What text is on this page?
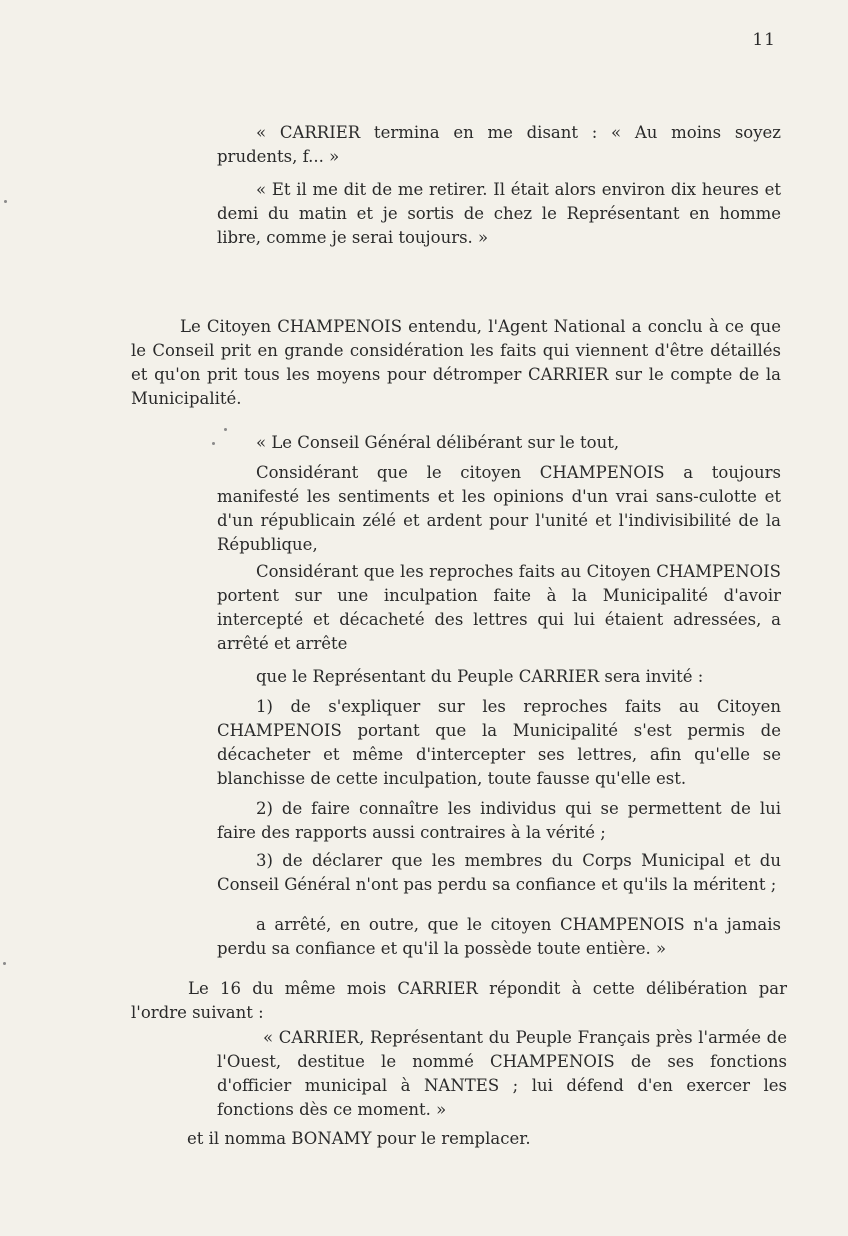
11

« CARRIER termina en me disant : « Au moins soyez prudents, f... »

« Et il me dit de me retirer. Il était alors environ dix heures et demi du matin et je sortis de chez le Représentant en homme libre, comme je serai toujours. »

Le Citoyen CHAMPENOIS entendu, l'Agent National a conclu à ce que le Conseil prit en grande considération les faits qui viennent d'être détaillés et qu'on prit tous les moyens pour détromper CARRIER sur le compte de la Municipalité.

« Le Conseil Général délibérant sur le tout,

Considérant que le citoyen CHAMPENOIS a toujours manifesté les sentiments et les opinions d'un vrai sans-culotte et d'un républicain zélé et ardent pour l'unité et l'indivisibilité de la République,

Considérant que les reproches faits au Citoyen CHAMPENOIS portent sur une inculpation faite à la Municipalité d'avoir intercepté et décacheté des lettres qui lui étaient adressées, a arrêté et arrête

que le Représentant du Peuple CARRIER sera invité :

1) de s'expliquer sur les reproches faits au Citoyen CHAMPENOIS portant que la Municipalité s'est permis de décacheter et même d'intercepter ses lettres, afin qu'elle se blanchisse de cette inculpation, toute fausse qu'elle est.

2) de faire connaître les individus qui se permettent de lui faire des rapports aussi contraires à la vérité ;

3) de déclarer que les membres du Corps Municipal et du Conseil Général n'ont pas perdu sa confiance et qu'ils la méritent ;

a arrêté, en outre, que le citoyen CHAMPENOIS n'a jamais perdu sa confiance et qu'il la possède toute entière. »

Le 16 du même mois CARRIER répondit à cette délibération par l'ordre suivant :

« CARRIER, Représentant du Peuple Français près l'armée de l'Ouest, destitue le nommé CHAMPENOIS de ses fonctions d'officier municipal à NANTES ; lui défend d'en exercer les fonctions dès ce moment. »

et il nomma BONAMY pour le remplacer.
